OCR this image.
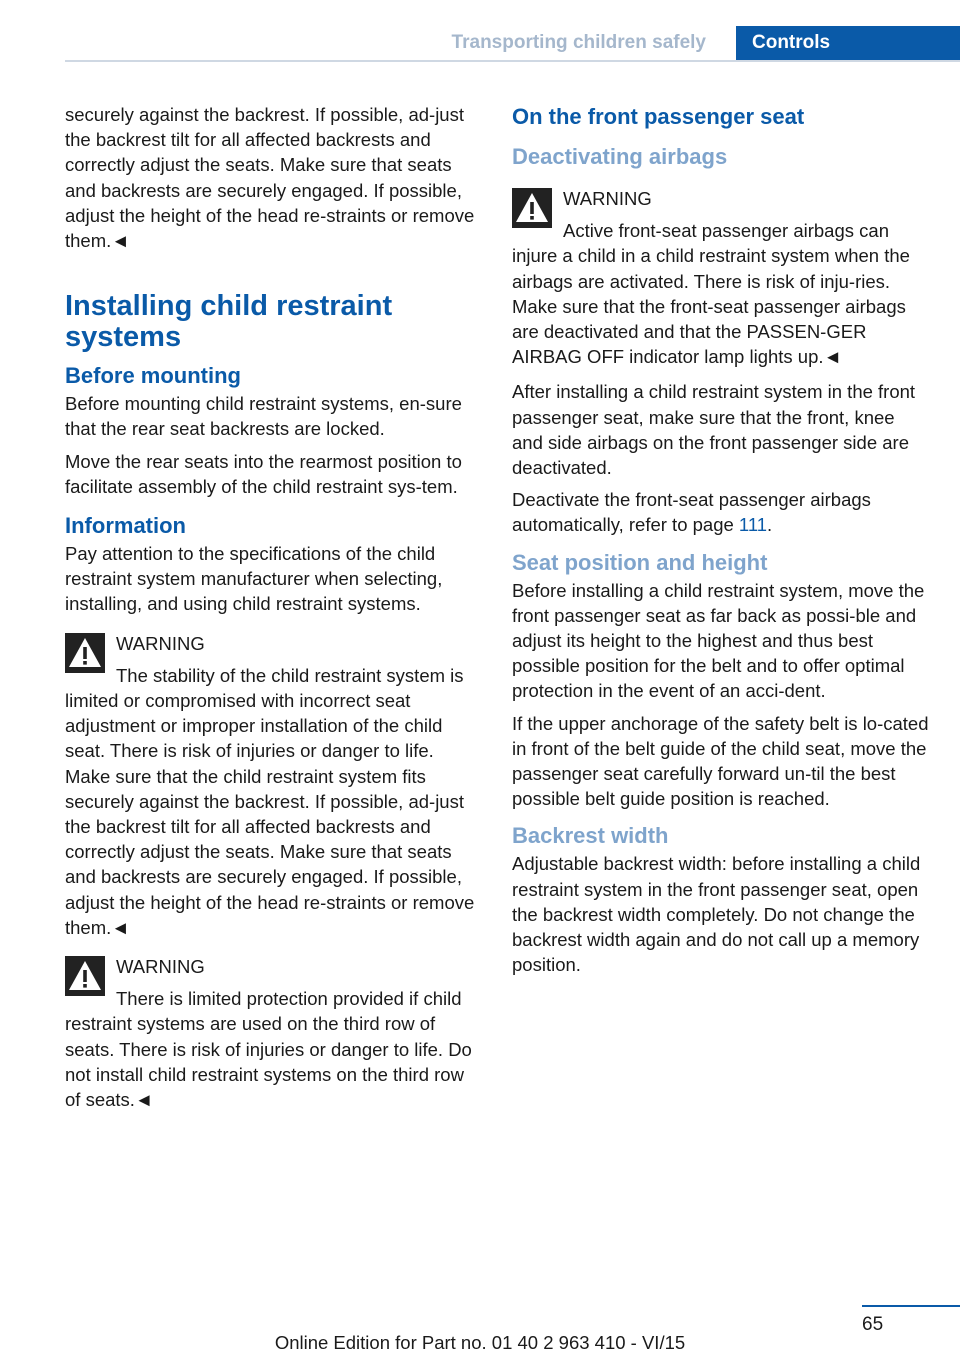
Transporting children safely	Controls

securely against the backrest. If possible, ad-just the backrest tilt for all affected backrests and correctly adjust the seats. Make sure that seats and backrests are securely engaged. If possible, adjust the height of the head re-straints or remove them.◄

Installing child restraint systems
Before mounting

Before mounting child restraint systems, en-sure that the rear seat backrests are locked.

Move the rear seats into the rearmost position to facilitate assembly of the child restraint sys-tem.

Information

Pay attention to the specifications of the child restraint system manufacturer when selecting, installing, and using child restraint systems.

WARNING
The stability of the child restraint system is limited or compromised with incorrect seat adjustment or improper installation of the child seat. There is risk of injuries or danger to life. Make sure that the child restraint system fits securely against the backrest. If possible, ad-just the backrest tilt for all affected backrests and correctly adjust the seats. Make sure that seats and backrests are securely engaged. If possible, adjust the height of the head re-straints or remove them.◄
WARNING
There is limited protection provided if child restraint systems are used on the third row of seats. There is risk of injuries or danger to life. Do not install child restraint systems on the third row of seats.◄
On the front passenger seat
Deactivating airbags
WARNING
Active front-seat passenger airbags can injure a child in a child restraint system when the airbags are activated. There is risk of inju-ries. Make sure that the front-seat passenger airbags are deactivated and that the PASSEN-GER AIRBAG OFF indicator lamp lights up.◄

After installing a child restraint system in the front passenger seat, make sure that the front, knee and side airbags on the front passenger side are deactivated.

Deactivate the front-seat passenger airbags automatically, refer to page 111.

Seat position and height

Before installing a child restraint system, move the front passenger seat as far back as possi-ble and adjust its height to the highest and thus best possible position for the belt and to offer optimal protection in the event of an acci-dent.

If the upper anchorage of the safety belt is lo-cated in front of the belt guide of the child seat, move the passenger seat carefully forward un-til the best possible belt guide position is reached.

Backrest width

Adjustable backrest width: before installing a child restraint system in the front passenger seat, open the backrest width completely. Do not change the backrest width again and do not call up a memory position.

65
Online Edition for Part no. 01 40 2 963 410 - VI/15
